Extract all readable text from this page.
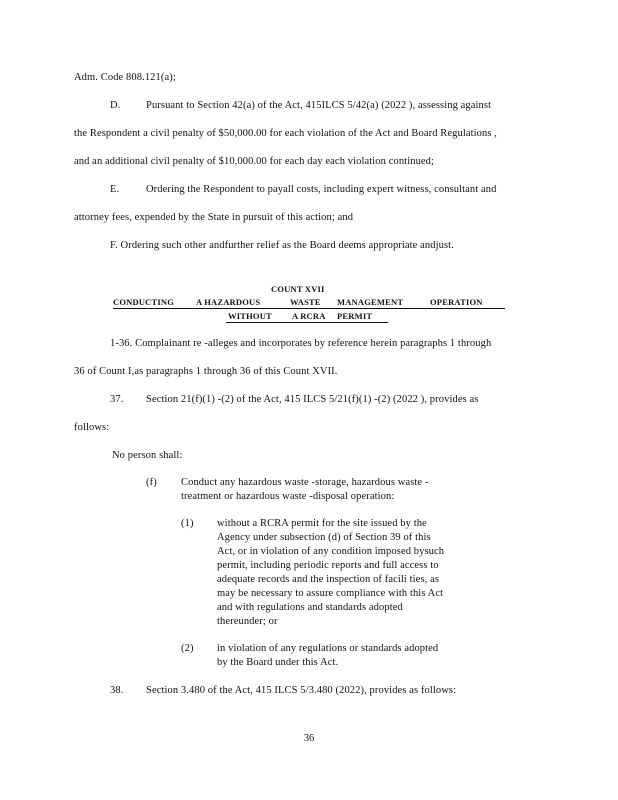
Adm. Code 808.121(a);
D. Pursuant to Section 42(a) of the Act, 415ILCS 5/42(a) (2022 ), assessing against
the Respondent a civil penalty of $50,000.00 for each violation of the Act and Board Regulations ,
and an additional civil penalty of $10,000.00 for each day each violation continued;
E.	Ordering the Respondent to payall costs, including expert witness, consultant and
attorney fees, expended by the State in pursuit of this action; and
F. Ordering such other andfurther relief as the Board deems appropriate andjust.
COUNT XVII
CONDUCTING	A HAZARDOUS	WASTE MANAGEMENT	OPERATION
WITHOUT A RCRA PERMIT
1-36. Complainant re -alleges and incorporates by reference herein paragraphs 1 through
36 of Count I,as paragraphs 1 through 36 of this Count XVII.
37. Section 21(f)(1) -(2) of the Act, 415 ILCS 5/21(f)(1) -(2) (2022 ), provides as
follows:
No person shall:
(f) Conduct any hazardous waste -storage, hazardous waste -
treatment or hazardous waste -disposal operation:
(1) without a RCRA permit for the site issued by the
Agency under subsection (d) of Section 39 of this
Act, or in violation of any condition imposed bysuch
permit, including periodic reports and full access to
adequate records and the inspection of facili ties, as
may be necessary to assure compliance with this Act
and with regulations and standards adopted
thereunder; or
(2) in violation of any regulations or standards adopted
by the Board under this Act.
38. Section 3.480 of the Act, 415 ILCS 5/3.480 (2022), provides as follows:
36
